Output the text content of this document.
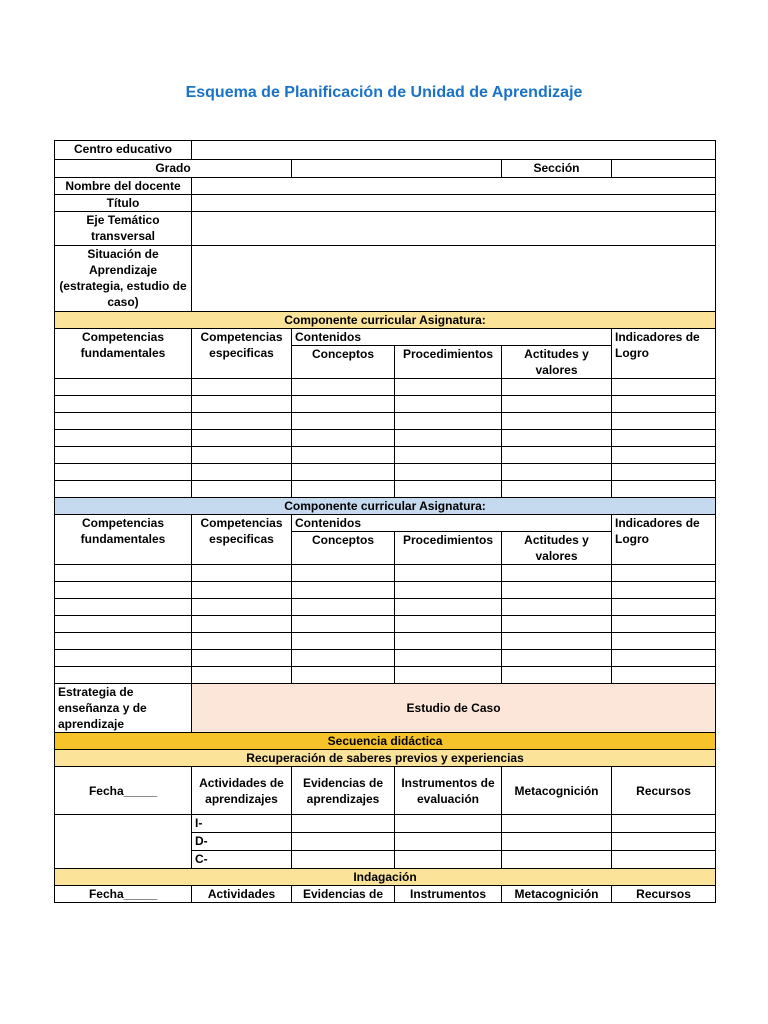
Esquema de Planificación de Unidad de Aprendizaje
Centro educativo					
Grado				Sección	
Nombre del docente					
Título					
Eje Temático transversal					
Situación de Aprendizaje (estrategia, estudio de caso)					
Componente curricular Asignatura:					
Competencias fundamentales	Competencias especificas	Contenidos			Indicadores de Logro
		Conceptos	Procedimientos	Actitudes y valores	

Componente curricular Asignatura:					
Competencias fundamentales	Competencias especificas	Contenidos			Indicadores de Logro
		Conceptos	Procedimientos	Actitudes y valores	

Estrategia de enseñanza y de aprendizaje	Estudio de Caso				
Secuencia didáctica					
Recuperación de saberes previos y experiencias					
Fecha_____	Actividades de aprendizajes	Evidencias de aprendizajes	Instrumentos de evaluación	Metacognición	Recursos
	I-				
	D-				
	C-				
Indagación					
Fecha_____	Actividades	Evidencias de	Instrumentos	Metacognición	Recursos
